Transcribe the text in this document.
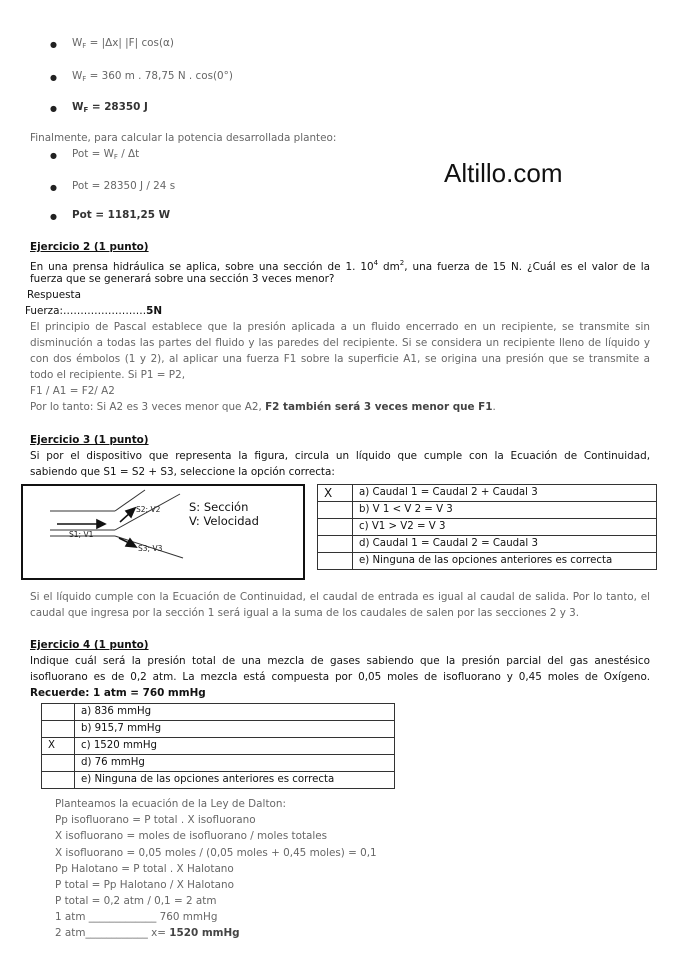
● $W_F = |\Delta x|$ |F| cos(α)
● $W_F = 360$ m . 78,75 N . cos(0°)
● $W_F = 28350$ J
Finalmente, para calcular la potencia desarrollada planteo:
● Pot = $W_F$ / Δt
● Pot = 28350 J / 24 s
● Pot = 1181,25 W
Altillo.com
Ejercicio 2 (1 punto)
En una prensa hidráulica se aplica, sobre una sección de 1. $10^4$ $dm^2$, una fuerza de 15 N. ¿Cuál es el valor de la
fuerza que se generará sobre una sección 3 veces menor?
Respuesta
Fuerza:……………………5N
El principio de Pascal establece que la presión aplicada a un fluido encerrado en un recipiente, se transmite sin
disminución a todas las partes del fluido y las paredes del recipiente. Si se considera un recipiente lleno de líquido y
con dos émbolos (1 y 2), al aplicar una fuerza F1 sobre la superficie A1, se origina una presión que se transmite a
todo el recipiente. Si P1 = P2,
F1 / A1 = F2/ A2
Por lo tanto: Si A2 es 3 veces menor que A2, F2 también será 3 veces menor que F1.
Ejercicio 3 (1 punto)
Si por el dispositivo que representa la figura, circula un líquido que cumple con la Ecuación de Continuidad,
sabiendo que S1 = S2 + S3, seleccione la opción correcta:
S2; V2
S1; V1
S3; V3
S: Sección
V: Velocidad
X	a) Caudal 1 = Caudal 2 + Caudal 3
	b) V 1 < V 2 = V 3
	c) V1 > V2 = V 3
	d) Caudal 1 = Caudal 2 = Caudal 3
	e) Ninguna de las opciones anteriores es correcta
Si el líquido cumple con la Ecuación de Continuidad, el caudal de entrada es igual al caudal de salida. Por lo tanto, el
caudal que ingresa por la sección 1 será igual a la suma de los caudales de salen por las secciones 2 y 3.
Ejercicio 4 (1 punto)
Indique cuál será la presión total de una mezcla de gases sabiendo que la presión parcial del gas anestésico
isofluorano es de 0,2 atm. La mezcla está compuesta por 0,05 moles de isofluorano y 0,45 moles de Oxígeno.
Recuerde: 1 atm = 760 mmHg
	a) 836 mmHg
	b) 915,7 mmHg
X	c) 1520 mmHg
	d) 76 mmHg
	e) Ninguna de las opciones anteriores es correcta
Planteamos la ecuación de la Ley de Dalton:
Pp isofluorano = P total . X isofluorano
X isofluorano = moles de isofluorano / moles totales
X isofluorano = 0,05 moles / (0,05 moles + 0,45 moles) = 0,1
Pp Halotano = P total . X Halotano
P total = Pp Halotano / X Halotano
P total = 0,2 atm / 0,1 = 2 atm
1 atm _____________ 760 mmHg
2 atm____________ x= 1520 mmHg
